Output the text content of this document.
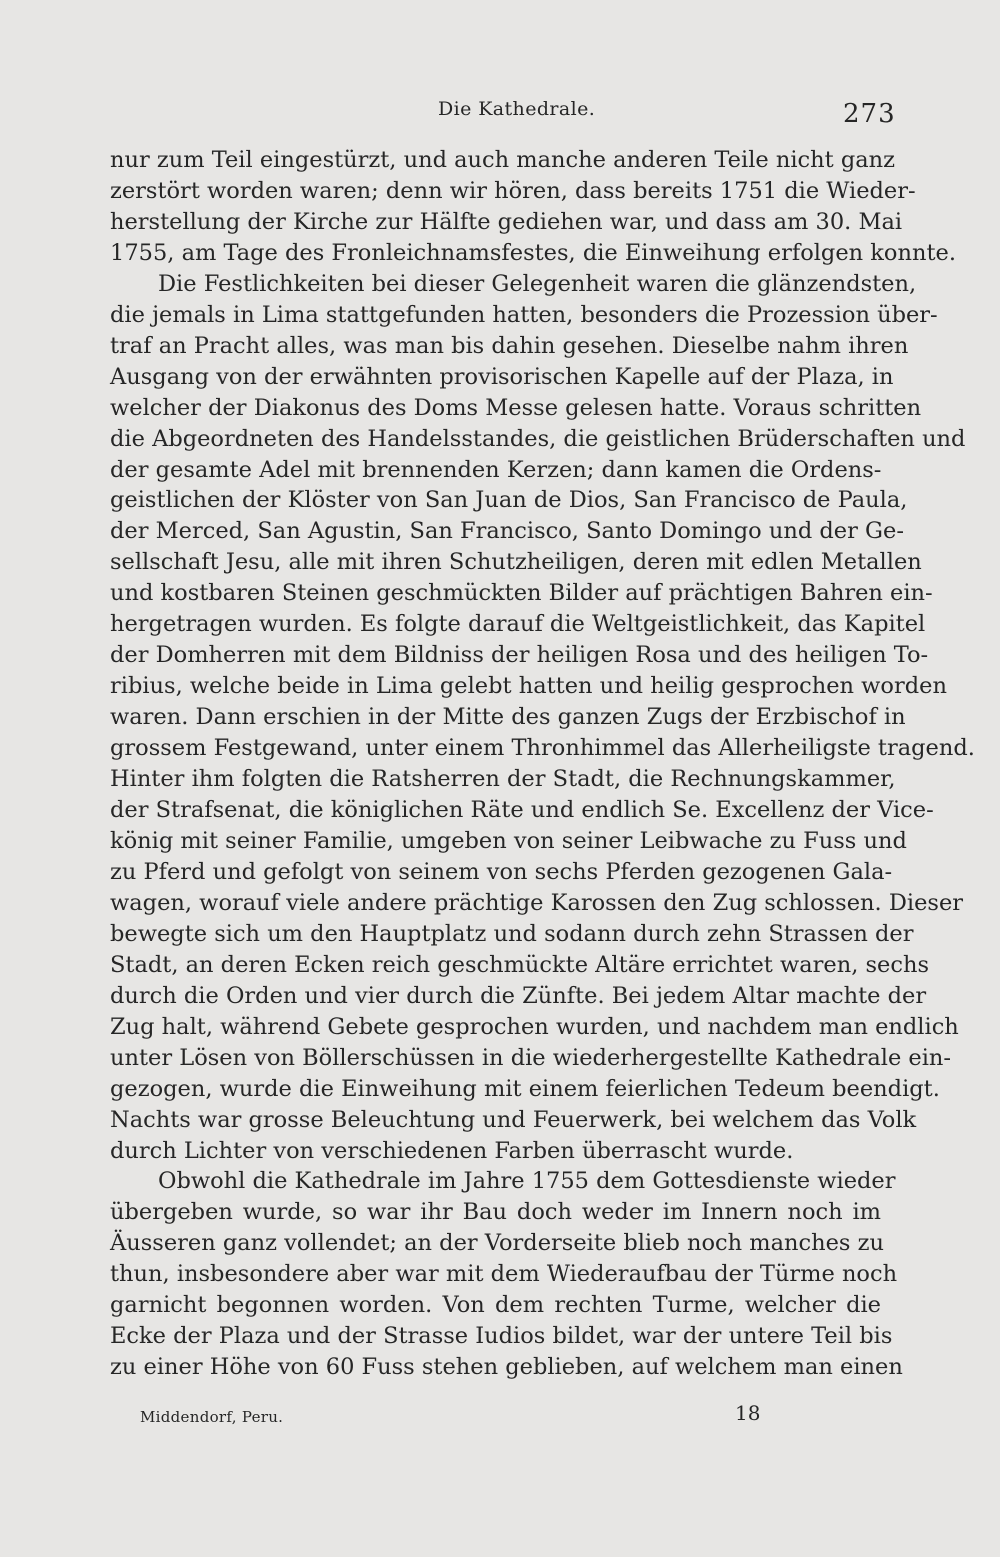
Die Kathedrale.	273
nur zum Teil eingestürzt, und auch manche anderen Teile nicht ganz
zerstört worden waren; denn wir hören, dass bereits 1751 die Wieder-
herstellung der Kirche zur Hälfte gediehen war, und dass am 30. Mai
1755, am Tage des Fronleichnamsfestes, die Einweihung erfolgen konnte.
Die Festlichkeiten bei dieser Gelegenheit waren die glänzendsten,
die jemals in Lima stattgefunden hatten, besonders die Prozession über-
traf an Pracht alles, was man bis dahin gesehen. Dieselbe nahm ihren
Ausgang von der erwähnten provisorischen Kapelle auf der Plaza, in
welcher der Diakonus des Doms Messe gelesen hatte. Voraus schritten
die Abgeordneten des Handelsstandes, die geistlichen Brüderschaften und
der gesamte Adel mit brennenden Kerzen; dann kamen die Ordens-
geistlichen der Klöster von San Juan de Dios, San Francisco de Paula,
der Merced, San Agustin, San Francisco, Santo Domingo und der Ge-
sellschaft Jesu, alle mit ihren Schutzheiligen, deren mit edlen Metallen
und kostbaren Steinen geschmückten Bilder auf prächtigen Bahren ein-
hergetragen wurden. Es folgte darauf die Weltgeistlichkeit, das Kapitel
der Domherren mit dem Bildniss der heiligen Rosa und des heiligen To-
ribius, welche beide in Lima gelebt hatten und heilig gesprochen worden
waren. Dann erschien in der Mitte des ganzen Zugs der Erzbischof in
grossem Festgewand, unter einem Thronhimmel das Allerheiligste tragend.
Hinter ihm folgten die Ratsherren der Stadt, die Rechnungskammer,
der Strafsenat, die königlichen Räte und endlich Se. Excellenz der Vice-
könig mit seiner Familie, umgeben von seiner Leibwache zu Fuss und
zu Pferd und gefolgt von seinem von sechs Pferden gezogenen Gala-
wagen, worauf viele andere prächtige Karossen den Zug schlossen. Dieser
bewegte sich um den Hauptplatz und sodann durch zehn Strassen der
Stadt, an deren Ecken reich geschmückte Altäre errichtet waren, sechs
durch die Orden und vier durch die Zünfte. Bei jedem Altar machte der
Zug halt, während Gebete gesprochen wurden, und nachdem man endlich
unter Lösen von Böllerschüssen in die wiederhergestellte Kathedrale ein-
gezogen, wurde die Einweihung mit einem feierlichen Tedeum beendigt.
Nachts war grosse Beleuchtung und Feuerwerk, bei welchem das Volk
durch Lichter von verschiedenen Farben überrascht wurde.
Obwohl die Kathedrale im Jahre 1755 dem Gottesdienste wieder
übergeben wurde, so war ihr Bau doch weder im Innern noch im
Äusseren ganz vollendet; an der Vorderseite blieb noch manches zu
thun, insbesondere aber war mit dem Wiederaufbau der Türme noch
garnicht begonnen worden. Von dem rechten Turme, welcher die
Ecke der Plaza und der Strasse Iudios bildet, war der untere Teil bis
zu einer Höhe von 60 Fuss stehen geblieben, auf welchem man einen
Middendorf, Peru.	18
